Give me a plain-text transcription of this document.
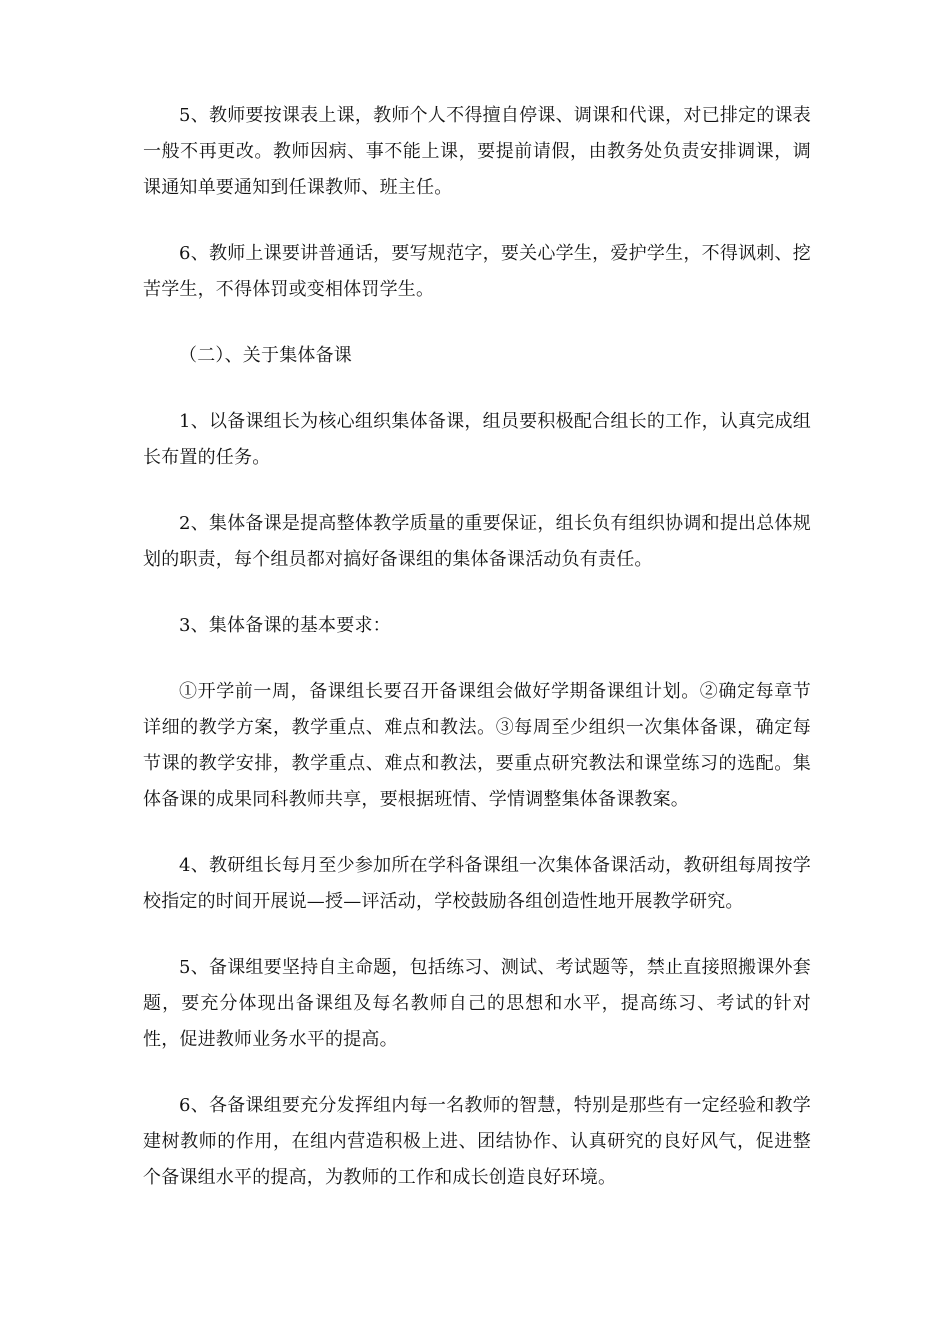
5、教师要按课表上课，教师个人不得擅自停课、调课和代课，对已排定的课表一般不再更改。教师因病、事不能上课，要提前请假，由教务处负责安排调课，调课通知单要通知到任课教师、班主任。

6、教师上课要讲普通话，要写规范字，要关心学生，爱护学生，不得讽刺、挖苦学生，不得体罚或变相体罚学生。

（二）、关于集体备课

1、以备课组长为核心组织集体备课，组员要积极配合组长的工作，认真完成组长布置的任务。

2、集体备课是提高整体教学质量的重要保证，组长负有组织协调和提出总体规划的职责，每个组员都对搞好备课组的集体备课活动负有责任。

3、集体备课的基本要求：

①开学前一周，备课组长要召开备课组会做好学期备课组计划。②确定每章节详细的教学方案，教学重点、难点和教法。③每周至少组织一次集体备课，确定每节课的教学安排，教学重点、难点和教法，要重点研究教法和课堂练习的选配。集体备课的成果同科教师共享，要根据班情、学情调整集体备课教案。

4、教研组长每月至少参加所在学科备课组一次集体备课活动，教研组每周按学校指定的时间开展说—授—评活动，学校鼓励各组创造性地开展教学研究。

5、备课组要坚持自主命题，包括练习、测试、考试题等，禁止直接照搬课外套题，要充分体现出备课组及每名教师自己的思想和水平，提高练习、考试的针对性，促进教师业务水平的提高。

6、各备课组要充分发挥组内每一名教师的智慧，特别是那些有一定经验和教学建树教师的作用，在组内营造积极上进、团结协作、认真研究的良好风气，促进整个备课组水平的提高，为教师的工作和成长创造良好环境。
